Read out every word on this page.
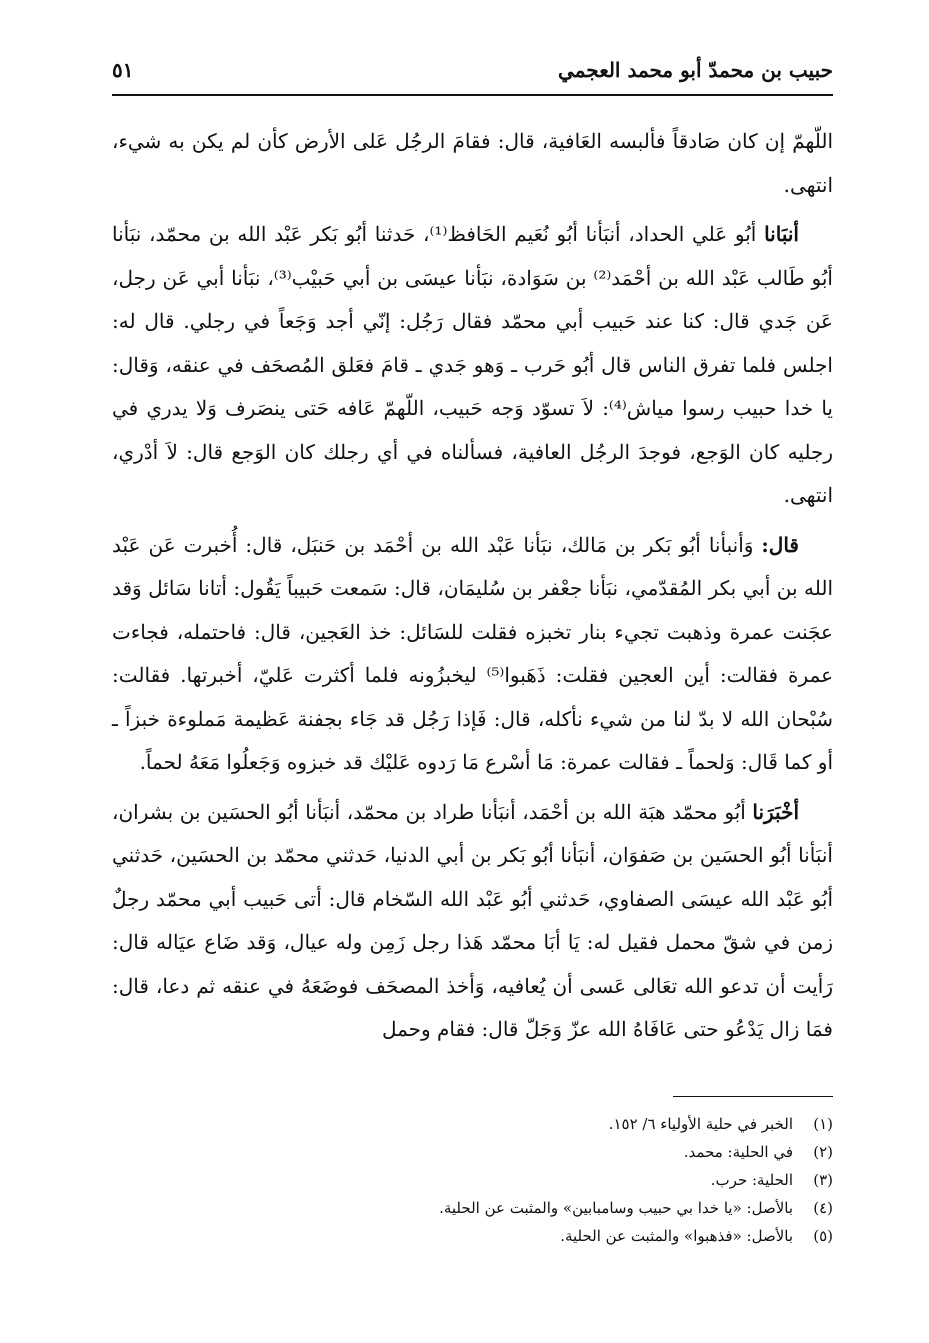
حبيب بن محمدّ أبو محمد العجمي
٥١

اللّهمّ إن كان صَادقاً فألبسه العَافية، قال: فقامَ الرجُل عَلى الأرض كأن لم يكن به شيء، انتهى.

أنبَانا أبُو عَلي الحداد، أنبَأنا أبُو نُعَيم الحَافظ⁽¹⁾، حَدثنا أبُو بَكر عَبْد الله بن محمّد، نبَأنا أبُو طَالب عَبْد الله بن أحْمَد⁽²⁾ بن سَوَادة، نبَأنا عيسَى بن أبي حَبيْب⁽³⁾، نبَأنا أبي عَن رجل، عَن جَدي قال: كنا عند حَبيب أبي محمّد فقال رَجُل: إنّي أجد وَجَعاً في رجلي. قال له: اجلس فلما تفرق الناس قال أبُو حَرب ـ وَهو جَدي ـ قامَ فعَلق المُصحَف في عنقه، وَقال: يا خدا حبيب رسوا مياش⁽⁴⁾: لاَ تسوّد وَجه حَبيب، اللّهمّ عَافه حَتى ينصَرف وَلا يدري في رجليه كان الوَجع، فوجدَ الرجُل العافية، فسألناه في أي رجلك كان الوَجع قال: لاَ أدْري، انتهى.

قال: وَأنبأنا أبُو بَكر بن مَالك، نبَأنا عَبْد الله بن أحْمَد بن حَنبَل، قال: أُخبرت عَن عَبْد الله بن أبي بكر المُقدّمي، نبَأنا جعْفر بن سُليمَان، قال: سَمعت حَبيباً يَقُول: أتانا سَائل وَقد عجَنت عمرة وذهبت تجيء بنار تخبزه فقلت للسَائل: خذ العَجين، قال: فاحتمله، فجاءت عمرة فقالت: أين العجين فقلت: ذَهَبوا⁽⁵⁾ ليخبزُونه فلما أكثرت عَليّ، أخبرتها. فقالت: سُبْحان الله لا بدّ لنا من شيء نأكله، قال: فَإذا رَجُل قد جَاء بجفنة عَظيمة مَملوءة خبزاً ـ أو كما قَال: وَلحماً ـ فقالت عمرة: مَا أسْرع مَا رَدوه عَليْك قد خبزوه وَجَعلُوا مَعَهُ لحماً.

أخْبَرَنا أبُو محمّد هبَة الله بن أحْمَد، أنبَأنا طراد بن محمّد، أنبَأنا أبُو الحسَين بن بشران، أنبَأنا أبُو الحسَين بن صَفوَان، أنبَأنا أبُو بَكر بن أبي الدنيا، حَدثني محمّد بن الحسَين، حَدثني أبُو عَبْد الله عيسَى الصفاوي، حَدثني أبُو عَبْد الله السّخام قال: أتى حَبيب أبي محمّد رجلٌ زمن في شقّ محمل فقيل له: يَا أبَا محمّد هَذا رجل زَمِن وله عيال، وَقد ضَاع عيَاله قال: رَأيت أن تدعو الله تعَالى عَسى أن يُعافيه، وَأخذ المصحَف فوضَعَهُ في عنقه ثم دعا، قال: فمَا زال يَدْعُو حتى عَافَاهُ الله عزّ وَجَلّ قال: فقام وحمل

(١)
الخبر في حلية الأولياء ٦/ ١٥٢.

(٢)
في الحلية: محمد.

(٣)
الحلية: حرب.

(٤)
بالأصل: «يا خدا بي حبيب وسامبابين» والمثبت عن الحلية.

(٥)
بالأصل: «فذهبوا» والمثبت عن الحلية.
